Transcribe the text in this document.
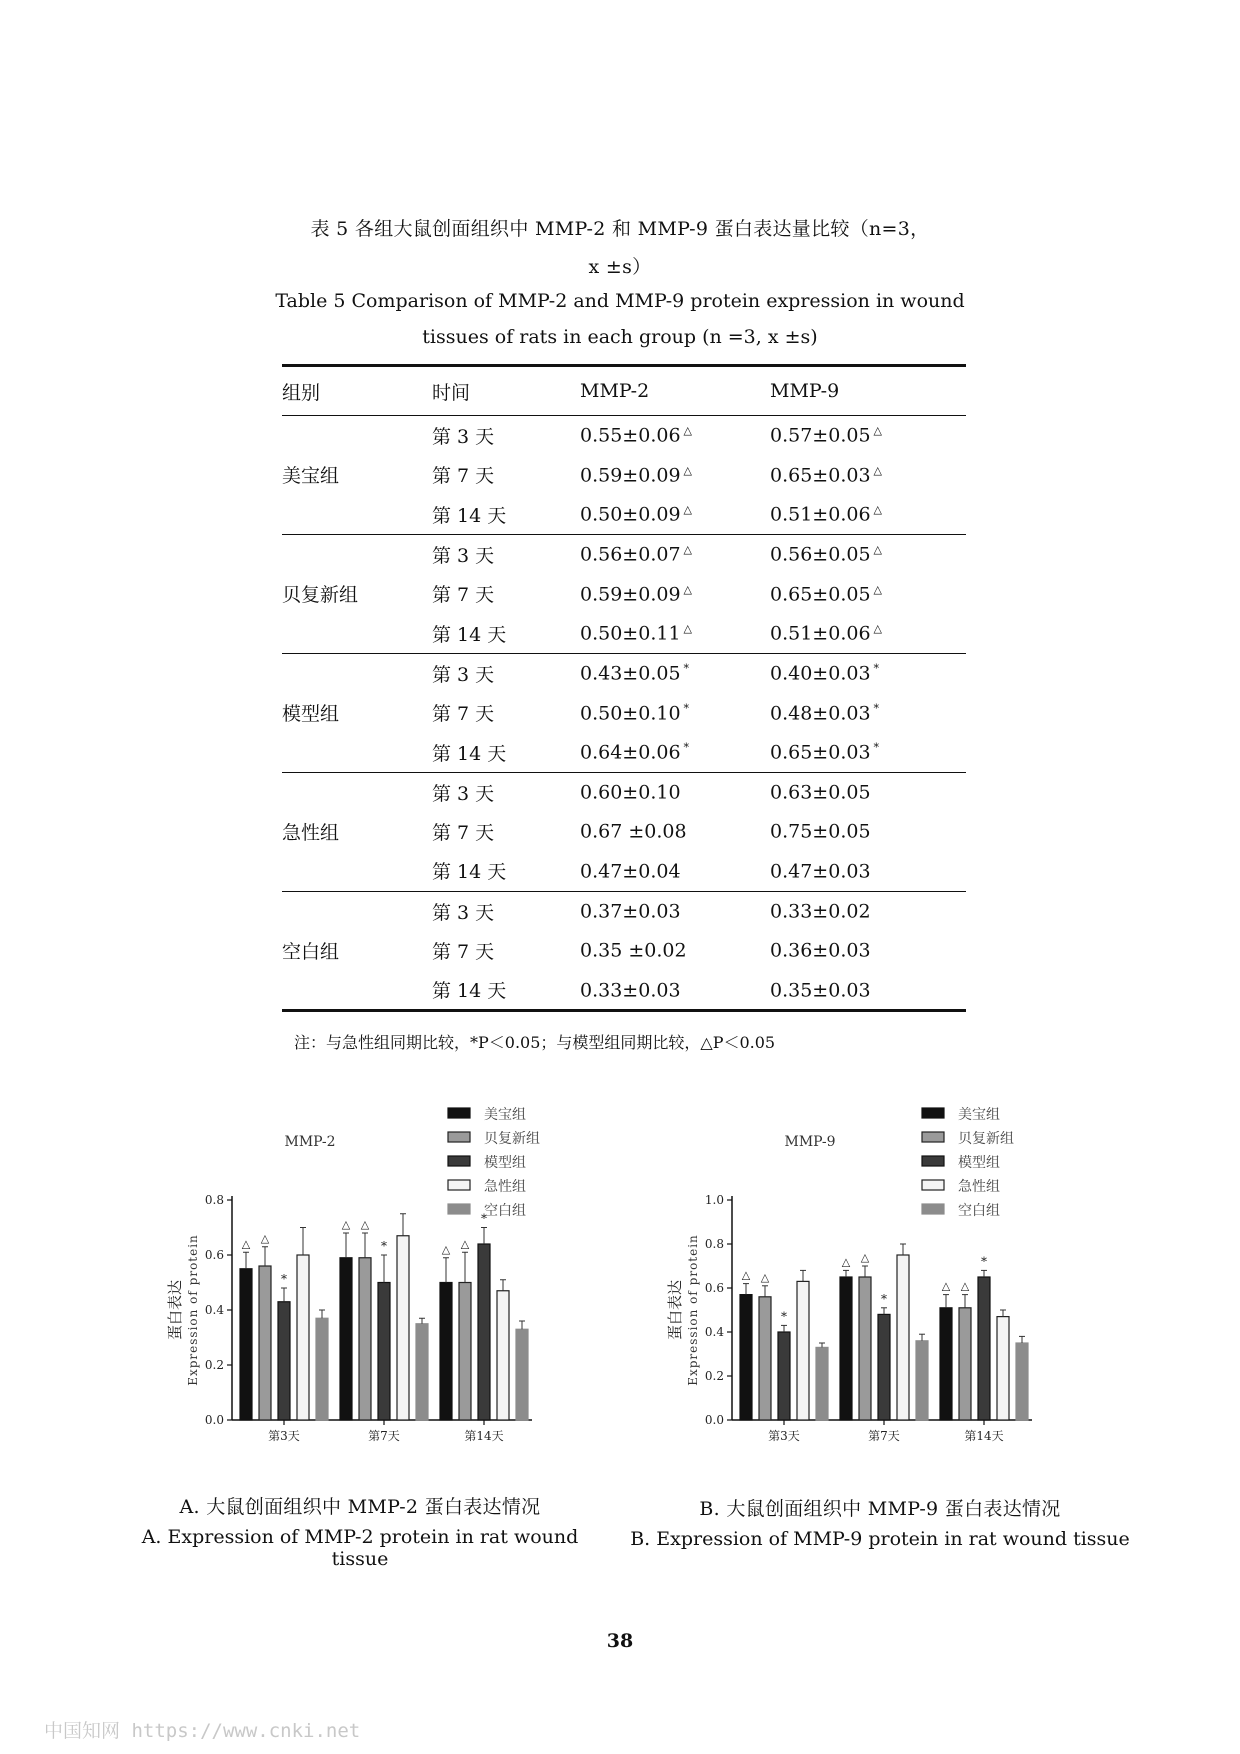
表 5 各组大鼠创面组织中 MMP-2 和 MMP-9 蛋白表达量比较（n=3，
x ±s）
Table 5 Comparison of MMP-2 and MMP-9 protein expression in wound
tissues of rats in each group (n =3, x ±s)
组别	时间	MMP-2	MMP-9
美宝组	第 3 天	0.55±0.06 △	0.57±0.05 △
	第 7 天	0.59±0.09 △	0.65±0.03 △
	第 14 天	0.50±0.09 △	0.51±0.06 △
贝复新组	第 3 天	0.56±0.07 △	0.56±0.05 △
	第 7 天	0.59±0.09 △	0.65±0.05 △
	第 14 天	0.50±0.11 △	0.51±0.06 △
模型组	第 3 天	0.43±0.05 *	0.40±0.03 *
	第 7 天	0.50±0.10 *	0.48±0.03 *
	第 14 天	0.64±0.06 *	0.65±0.03 *
急性组	第 3 天	0.60±0.10	0.63±0.05
	第 7 天	0.67 ±0.08	0.75±0.05
	第 14 天	0.47±0.04	0.47±0.03
空白组	第 3 天	0.37±0.03	0.33±0.02
	第 7 天	0.35 ±0.02	0.36±0.03
	第 14 天	0.33±0.03	0.35±0.03
注：与急性组同期比较，*P＜0.05；与模型组同期比较，△P＜0.05
MMP-2
美宝组
贝复新组
模型组
急性组
空白组
蛋白表达 Expression of protein
0.0
0.2
0.4
0.6
0.8
△ △
*
第3天
△ △
*
第7天
△ △
*
第14天
MMP-9
美宝组
贝复新组
模型组
急性组
空白组
蛋白表达 Expression of protein
0.0
0.2
0.4
0.6
0.8
1.0
△ △
*
第3天
△ △
*
第7天
△ △
*
第14天
A. 大鼠创面组织中 MMP-2 蛋白表达情况
A. Expression of MMP-2 protein in rat wound tissue
B. 大鼠创面组织中 MMP-9 蛋白表达情况
B. Expression of MMP-9 protein in rat wound tissue
38
中国知网 https://www.cnki.net
